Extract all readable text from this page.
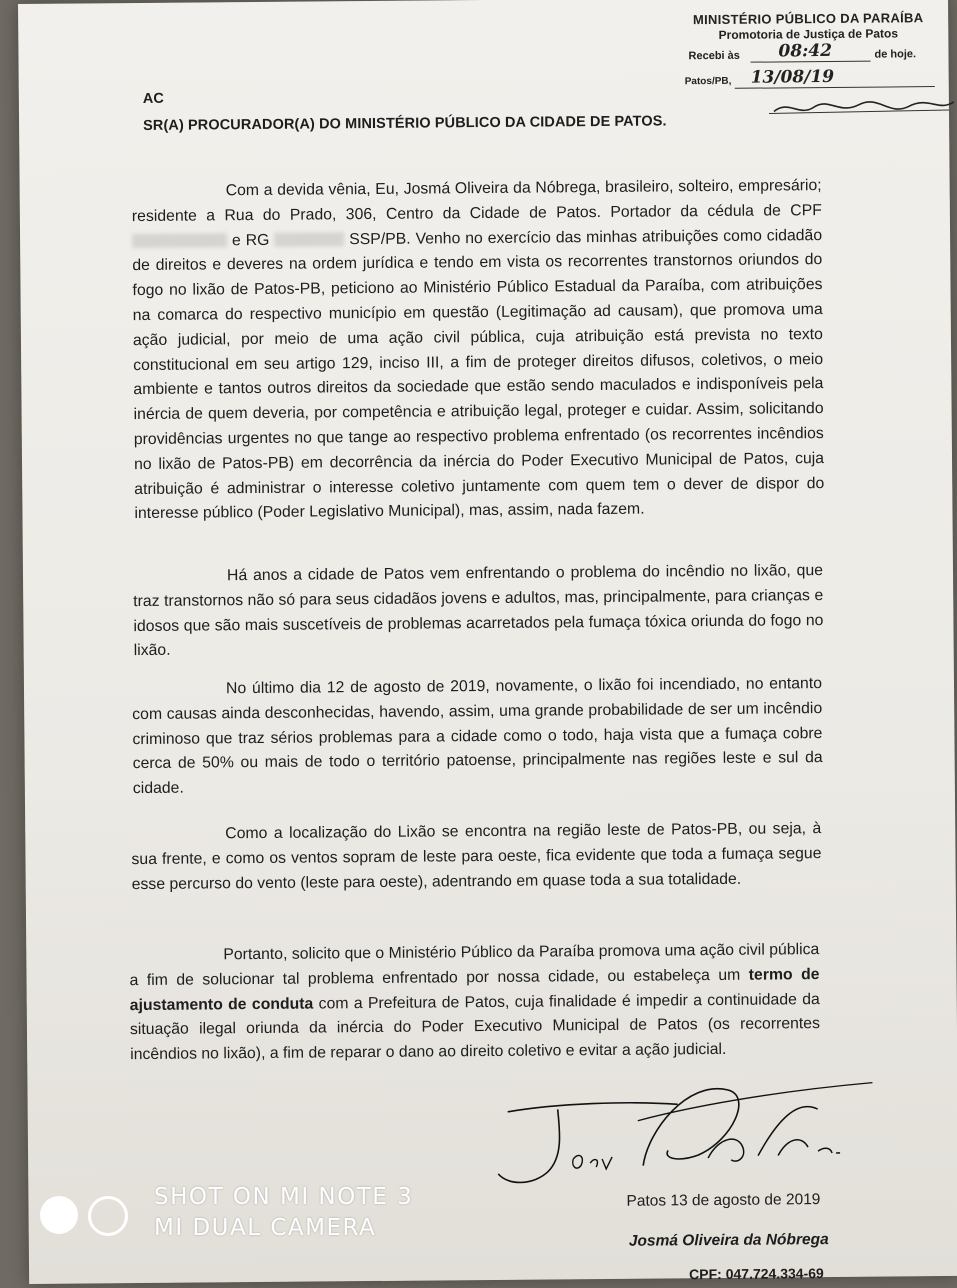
MINISTÉRIO PÚBLICO DA PARAÍBA
Promotoria de Justiça de Patos
Recebi às 08:42	de hoje.
Patos/PB, 13/08/19
AC
SR(A) PROCURADOR(A) DO MINISTÉRIO PÚBLICO DA CIDADE DE PATOS.
Com a devida vênia, Eu, Josmá Oliveira da Nóbrega, brasileiro, solteiro, empresário; residente a Rua do Prado, 306, Centro da Cidade de Patos. Portador da cédula de CPF  e RG	SSP/PB. Venho no exercício das minhas atribuições como cidadão de direitos e deveres na ordem jurídica e tendo em vista os recorrentes transtornos oriundos do fogo no lixão de Patos-PB, peticiono ao Ministério Público Estadual da Paraíba, com atribuições na comarca do respectivo município em questão (Legitimação ad causam), que promova uma ação judicial, por meio de uma ação civil pública, cuja atribuição está prevista no texto constitucional em seu artigo 129, inciso III, a fim de proteger direitos difusos, coletivos, o meio ambiente e tantos outros direitos da sociedade que estão sendo maculados e indisponíveis pela inércia de quem deveria, por competência e atribuição legal, proteger e cuidar. Assim, solicitando providências urgentes no que tange ao respectivo problema enfrentado (os recorrentes incêndios no lixão de Patos-PB) em decorrência da inércia do Poder Executivo Municipal de Patos, cuja atribuição é administrar o interesse coletivo juntamente com quem tem o dever de dispor do interesse público (Poder Legislativo Municipal), mas, assim, nada fazem.
Há anos a cidade de Patos vem enfrentando o problema do incêndio no lixão, que traz transtornos não só para seus cidadãos jovens e adultos, mas, principalmente, para crianças e idosos que são mais suscetíveis de problemas acarretados pela fumaça tóxica oriunda do fogo no lixão.
No último dia 12 de agosto de 2019, novamente, o lixão foi incendiado, no entanto com causas ainda desconhecidas, havendo, assim, uma grande probabilidade de ser um incêndio criminoso que traz sérios problemas para a cidade como o todo, haja vista que a fumaça cobre cerca de 50% ou mais de todo o território patoense, principalmente nas regiões leste e sul da cidade.
Como a localização do Lixão se encontra na região leste de Patos-PB, ou seja, à sua frente, e como os ventos sopram de leste para oeste, fica evidente que toda a fumaça segue esse percurso do vento (leste para oeste), adentrando em quase toda a sua totalidade.
Portanto, solicito que o Ministério Público da Paraíba promova uma ação civil pública a fim de solucionar tal problema enfrentado por nossa cidade, ou estabeleça um termo de ajustamento de conduta com a Prefeitura de Patos, cuja finalidade é impedir a continuidade da situação ilegal oriunda da inércia do Poder Executivo Municipal de Patos (os recorrentes incêndios no lixão), a fim de reparar o dano ao direito coletivo e evitar a ação judicial.
Patos 13 de agosto de 2019
Josmá Oliveira da Nóbrega
CPF: 047.724.334-69
SHOT ON MI NOTE 3
MI DUAL CAMERA
